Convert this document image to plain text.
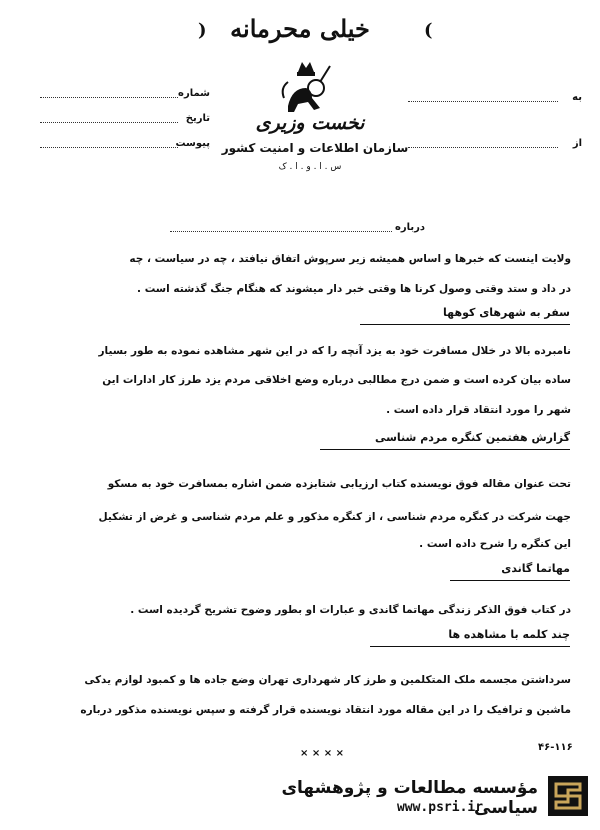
خیلی محرمانه
)	(
شماره
تاریخ
پیوست
به
از
نخست وزیری
سازمان اطلاعات و امنیت کشور
س . ا . و . ا . ک
درباره
ولایت اینست که خبرها و اساس همیشه زیر سرپوش اتفاق نیافتد ، چه در سیاست ، چه
در داد و ستد وقتی وصول کرنا ها وقتی خبر دار میشوند که هنگام جنگ گذشته است .
سفر به شهرهای کوهها
نامبرده بالا در خلال مسافرت خود به یزد آنچه را که در این شهر مشاهده نموده به طور بسیار
ساده بیان کرده است و ضمن درج مطالبی درباره وضع اخلاقی مردم یزد طرز کار ادارات این
شهر را مورد انتقاد قرار داده است .
گزارش هفتمین کنگره مردم شناسی
تحت عنوان مقاله فوق نویسنده کتاب ارزیابی شتابزده ضمن اشاره بمسافرت خود به مسکو
جهت شرکت در کنگره مردم شناسی ، از کنگره مذکور و علم مردم شناسی و غرض از تشکیل
این کنگره را شرح داده است .
مهاتما گاندی
در کتاب فوق الذکر زندگی مهاتما گاندی و عبارات او بطور وضوح تشریح گردیده است .
چند کلمه با مشاهده ها
سرداشتن مجسمه ملک المتکلمین و طرز کار شهرداری تهران وضع جاده ها و کمبود لوازم یدکی
ماشین و ترافیک را در این مقاله مورد انتقاد نویسنده قرار گرفته و سپس نویسنده مذکور درباره
× × × ×
۴۶-۱۱۶
مؤسسه مطالعات و پژوهشهای سیاسی
www.psri.ir
